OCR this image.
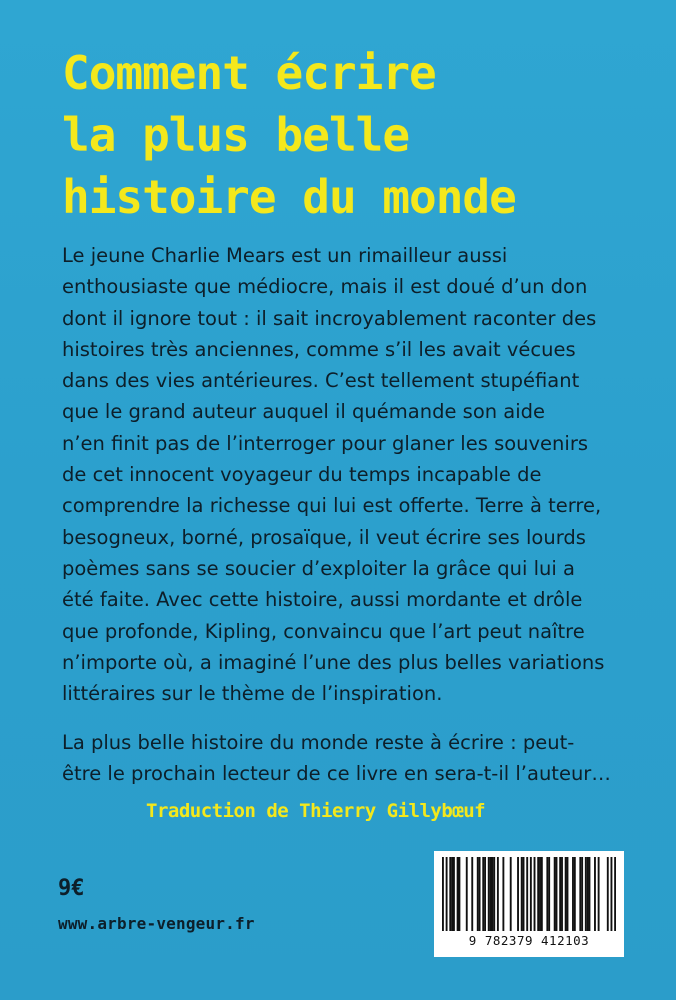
Comment écrire
la plus belle
histoire du monde

Le jeune Charlie Mears est un rimailleur aussi
enthousiaste que médiocre, mais il est doué d’un don
dont il ignore tout : il sait incroyablement raconter des
histoires très anciennes, comme s’il les avait vécues
dans des vies antérieures. C’est tellement stupéfiant
que le grand auteur auquel il quémande son aide
n’en finit pas de l’interroger pour glaner les souvenirs
de cet innocent voyageur du temps incapable de
comprendre la richesse qui lui est offerte. Terre à terre,
besogneux, borné, prosaïque, il veut écrire ses lourds
poèmes sans se soucier d’exploiter la grâce qui lui a
été faite. Avec cette histoire, aussi mordante et drôle
que profonde, Kipling, convaincu que l’art peut naître
n’importe où, a imaginé l’une des plus belles variations
littéraires sur le thème de l’inspiration.

La plus belle histoire du monde reste à écrire : peut-
être le prochain lecteur de ce livre en sera-t-il l’auteur…

Traduction de Thierry Gillybœuf
9€
www.arbre-vengeur.fr
9 782379 412103
